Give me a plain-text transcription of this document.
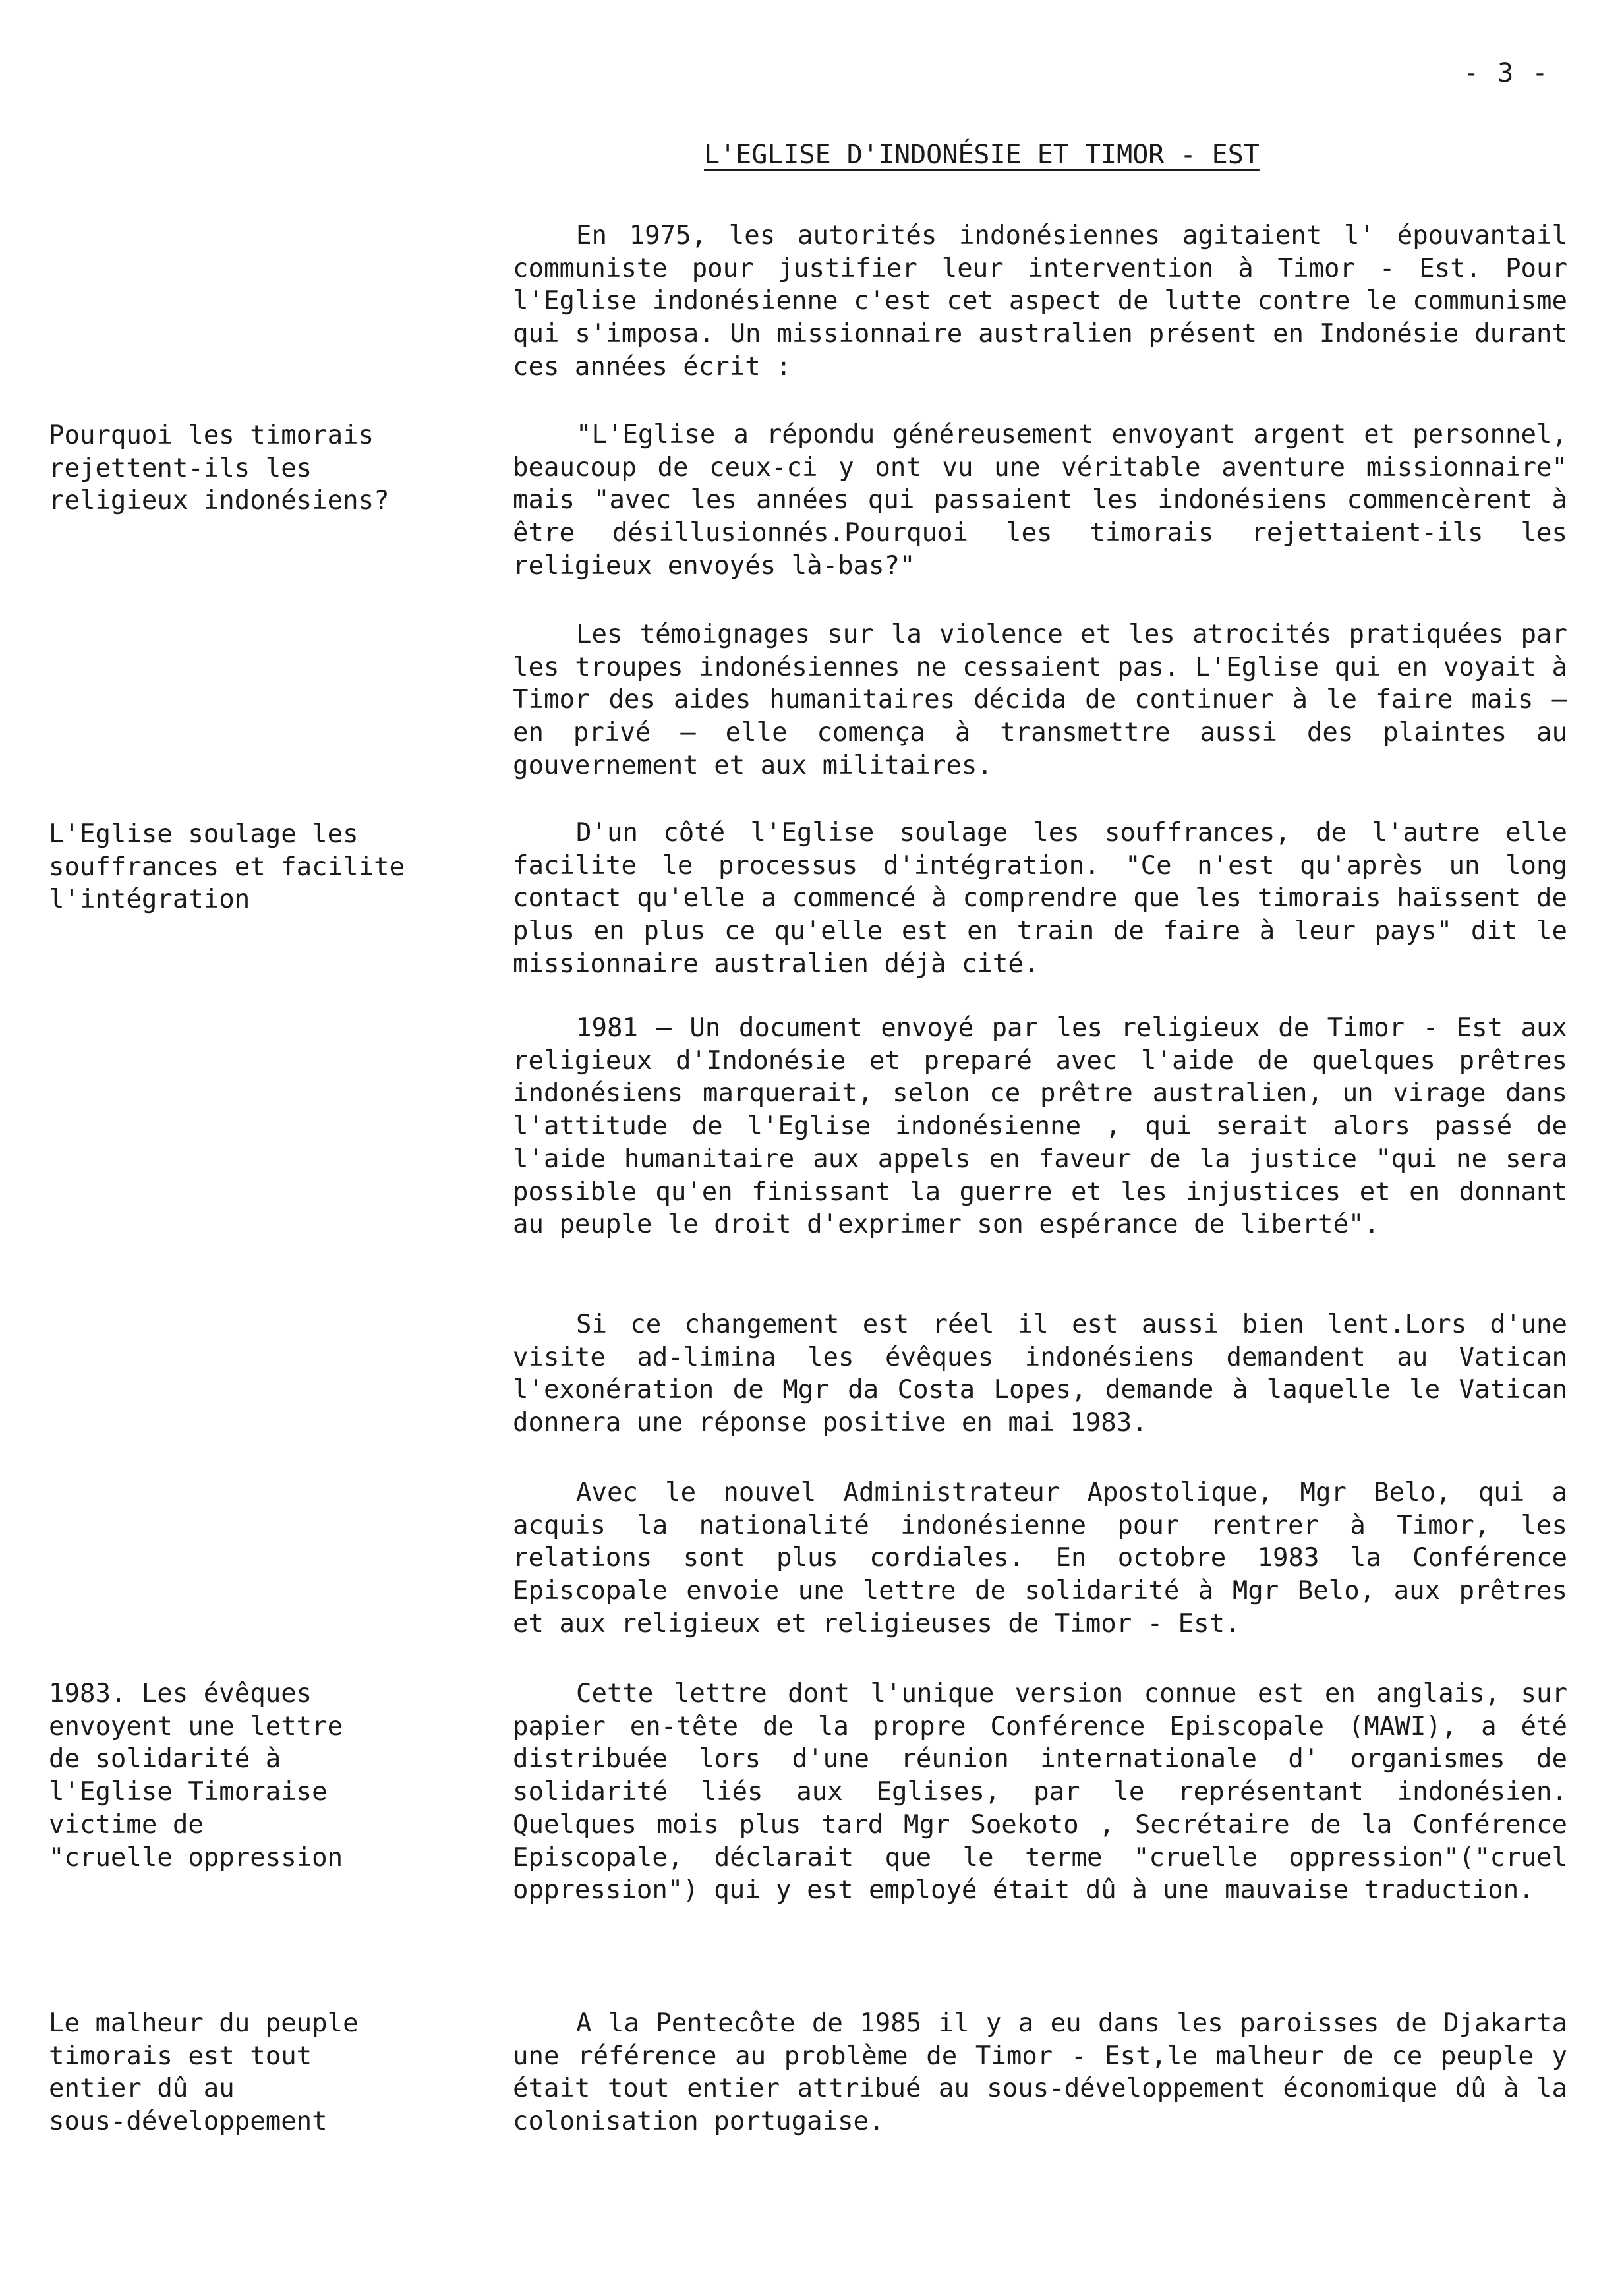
- 3 -
L'EGLISE D'INDONÉSIE ET TIMOR - EST
Pourquoi les timorais
rejettent-ils les
religieux indonésiens?
L'Eglise soulage les
souffrances et facilite
l'intégration
1983. Les évêques
envoyent une lettre
de solidarité à
l'Eglise Timoraise
victime de
"cruelle oppression
Le malheur du peuple
timorais est tout
entier dû au
sous-développement

En 1975, les autorités indonésiennes agitaient l' épouvantail communiste pour justifier leur intervention à Timor - Est. Pour l'Eglise indonésienne c'est cet aspect de lutte contre le communisme qui s'imposa. Un missionnaire australien présent en Indonésie durant ces années écrit :

"L'Eglise a répondu généreusement envoyant argent et personnel, beaucoup de ceux-ci y ont vu une véritable aventure missionnaire" mais "avec les années qui passaient les indonésiens commencèrent à être désillusionnés.Pourquoi les timorais rejettaient-ils les religieux envoyés là-bas?"

Les témoignages sur la violence et les atrocités pratiquées par les troupes indonésiennes ne cessaient pas. L'Eglise qui en voyait à Timor des aides humanitaires décida de continuer à le faire mais — en privé — elle comença à transmettre aussi des plaintes au gouvernement et aux militaires.

D'un côté l'Eglise soulage les souffrances, de l'autre elle facilite le processus d'intégration. "Ce n'est qu'après un long contact qu'elle a commencé à comprendre que les timorais haïssent de plus en plus ce qu'elle est en train de faire à leur pays" dit le missionnaire australien déjà cité.

1981 — Un document envoyé par les religieux de Timor - Est aux religieux d'Indonésie et preparé avec l'aide de quelques prêtres indonésiens marquerait, selon ce prêtre australien, un virage dans l'attitude de l'Eglise indonésienne , qui serait alors passé de l'aide humanitaire aux appels en faveur de la justice "qui ne sera possible qu'en finissant la guerre et les injustices et en donnant au peuple le droit d'exprimer son espérance de liberté".

Si ce changement est réel il est aussi bien lent.Lors d'une visite ad-limina les évêques indonésiens demandent au Vatican l'exonération de Mgr da Costa Lopes, demande à laquelle le Vatican donnera une réponse positive en mai 1983.

Avec le nouvel Administrateur Apostolique, Mgr Belo, qui a acquis la nationalité indonésienne pour rentrer à Timor, les relations sont plus cordiales. En octobre 1983 la Conférence Episcopale envoie une lettre de solidarité à Mgr Belo, aux prêtres et aux religieux et religieuses de Timor - Est.

Cette lettre dont l'unique version connue est en anglais, sur papier en-tête de la propre Conférence Episcopale (MAWI), a été distribuée lors d'une réunion internationale d' organismes de solidarité liés aux Eglises, par le représentant indonésien. Quelques mois plus tard Mgr Soekoto , Secrétaire de la Conférence Episcopale, déclarait que le terme "cruelle oppression"("cruel oppression") qui y est employé était dû à une mauvaise traduction.

A la Pentecôte de 1985 il y a eu dans les paroisses de Djakarta une référence au problème de Timor - Est,le malheur de ce peuple y était tout entier attribué au sous-développement économique dû à la colonisation portugaise.
